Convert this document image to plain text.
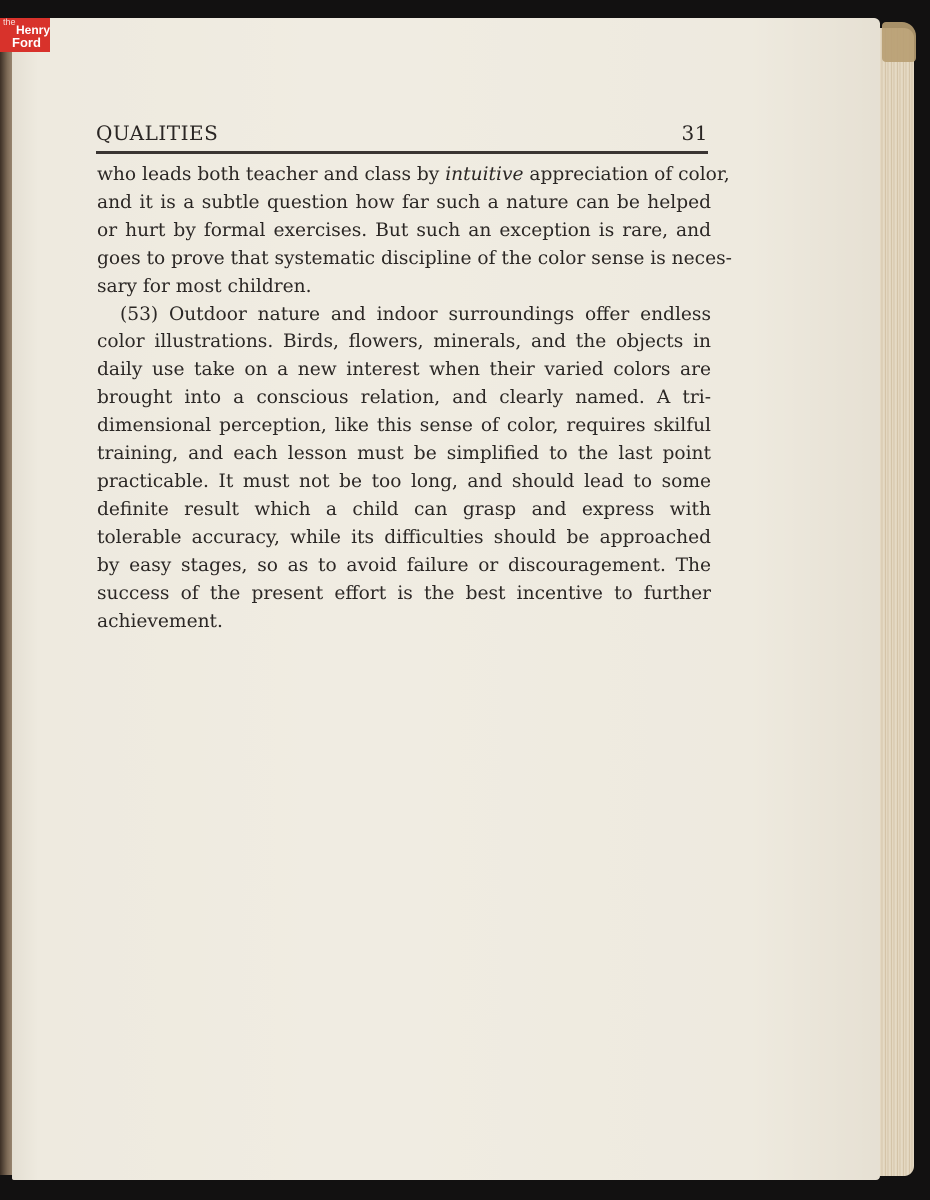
the
Henry
Ford
QUALITIES	31
who leads both teacher and class by intuitive appreciation of color,
and it is a subtle question how far such a nature can be helped
or hurt by formal exercises. But such an exception is rare, and
goes to prove that systematic discipline of the color sense is neces-
sary for most children.
(53) Outdoor nature and indoor surroundings offer endless
color illustrations. Birds, flowers, minerals, and the objects in
daily use take on a new interest when their varied colors are
brought into a conscious relation, and clearly named. A tri-
dimensional perception, like this sense of color, requires skilful
training, and each lesson must be simplified to the last point
practicable. It must not be too long, and should lead to some
definite result which a child can grasp and express with
tolerable accuracy, while its difficulties should be approached
by easy stages, so as to avoid failure or discouragement. The
success of the present effort is the best incentive to further
achievement.
